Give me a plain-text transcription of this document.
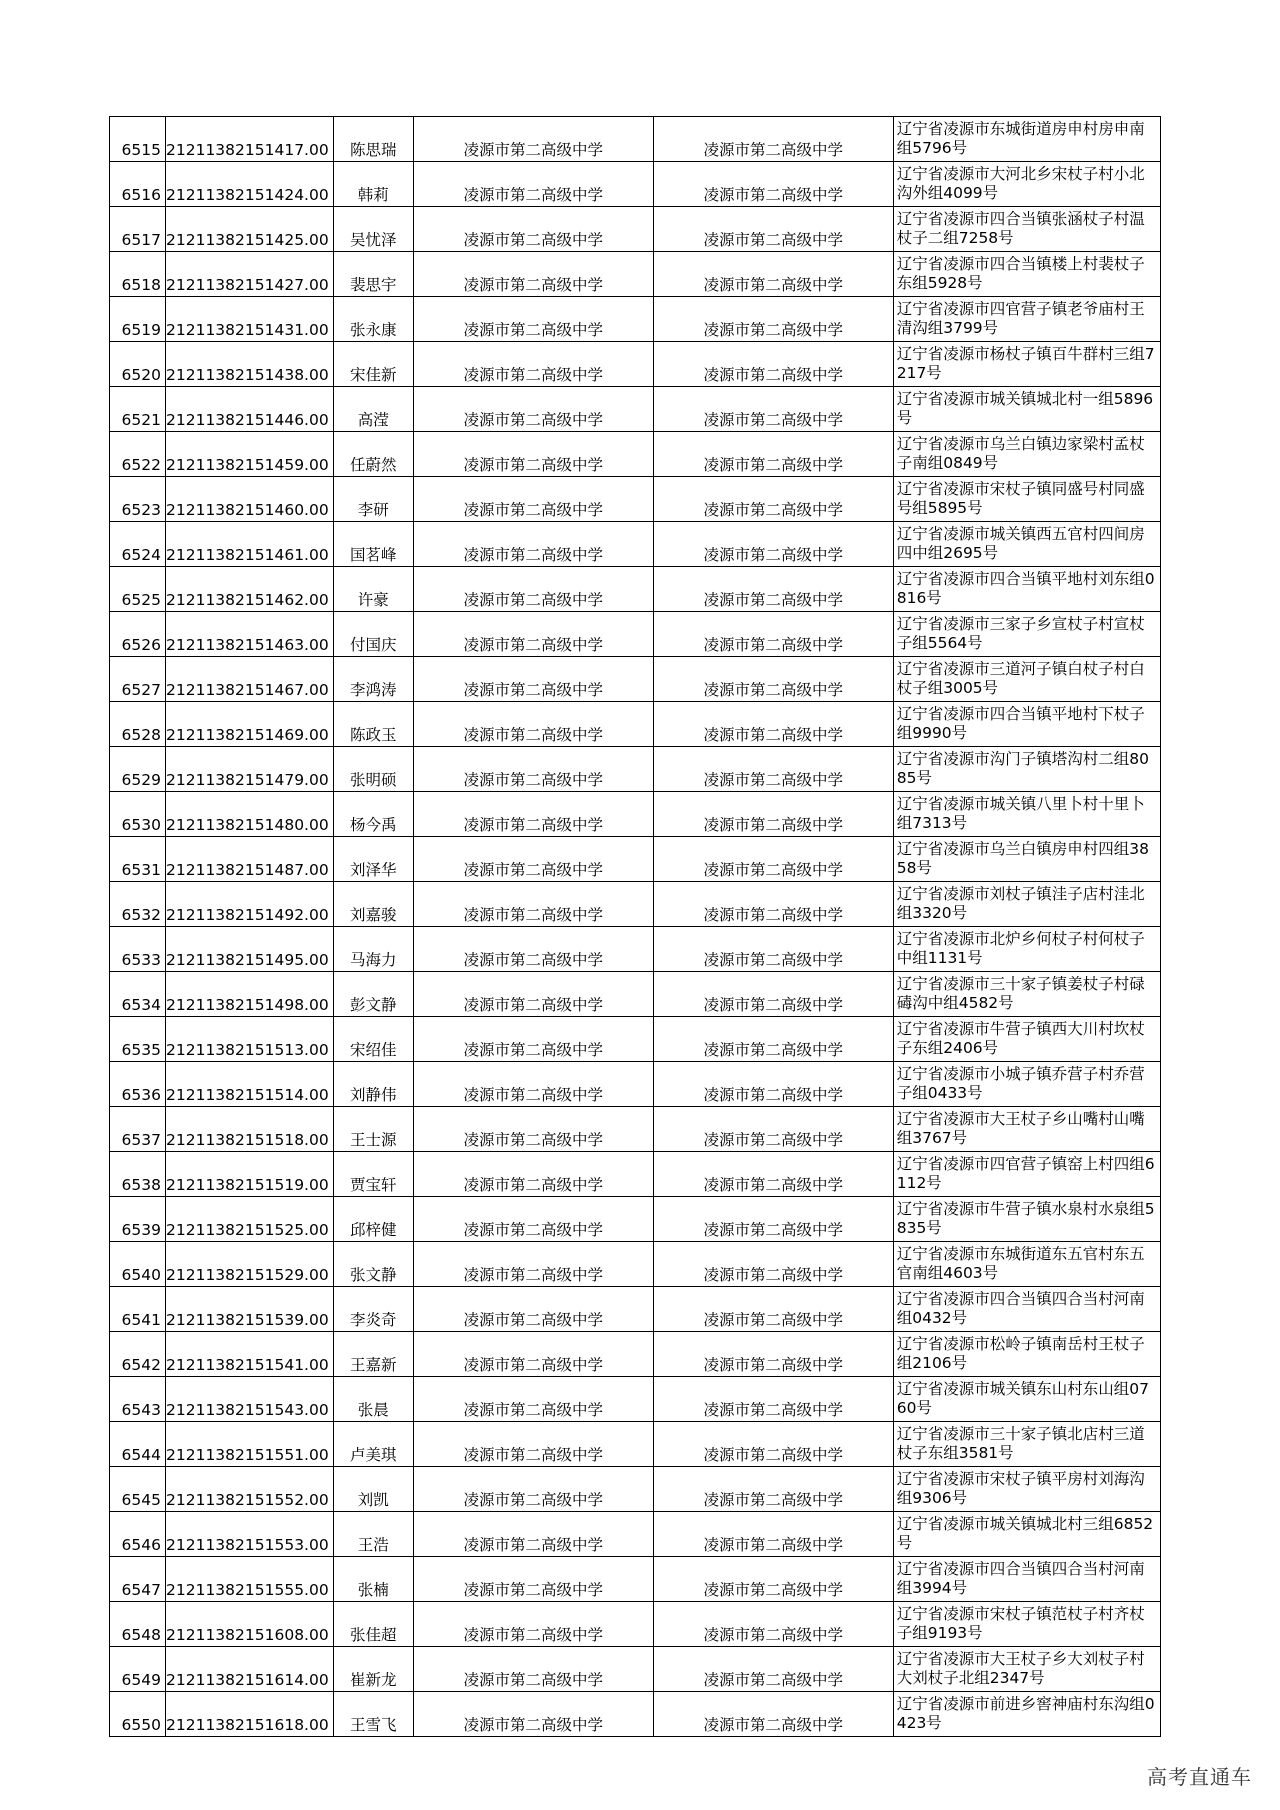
6515	21211382151417.00	陈思瑞	凌源市第二高级中学	凌源市第二高级中学	辽宁省凌源市东城街道房申村房申南组5796号
6516	21211382151424.00	韩莉	凌源市第二高级中学	凌源市第二高级中学	辽宁省凌源市大河北乡宋杖子村小北沟外组4099号
6517	21211382151425.00	吴忧泽	凌源市第二高级中学	凌源市第二高级中学	辽宁省凌源市四合当镇张涵杖子村温杖子二组7258号
6518	21211382151427.00	裴思宇	凌源市第二高级中学	凌源市第二高级中学	辽宁省凌源市四合当镇楼上村裴杖子东组5928号
6519	21211382151431.00	张永康	凌源市第二高级中学	凌源市第二高级中学	辽宁省凌源市四官营子镇老爷庙村王清沟组3799号
6520	21211382151438.00	宋佳新	凌源市第二高级中学	凌源市第二高级中学	辽宁省凌源市杨杖子镇百牛群村三组7217号
6521	21211382151446.00	高滢	凌源市第二高级中学	凌源市第二高级中学	辽宁省凌源市城关镇城北村一组5896号
6522	21211382151459.00	任蔚然	凌源市第二高级中学	凌源市第二高级中学	辽宁省凌源市乌兰白镇边家梁村孟杖子南组0849号
6523	21211382151460.00	李研	凌源市第二高级中学	凌源市第二高级中学	辽宁省凌源市宋杖子镇同盛号村同盛号组5895号
6524	21211382151461.00	国茗峰	凌源市第二高级中学	凌源市第二高级中学	辽宁省凌源市城关镇西五官村四间房四中组2695号
6525	21211382151462.00	许豪	凌源市第二高级中学	凌源市第二高级中学	辽宁省凌源市四合当镇平地村刘东组0816号
6526	21211382151463.00	付国庆	凌源市第二高级中学	凌源市第二高级中学	辽宁省凌源市三家子乡宣杖子村宣杖子组5564号
6527	21211382151467.00	李鸿涛	凌源市第二高级中学	凌源市第二高级中学	辽宁省凌源市三道河子镇白杖子村白杖子组3005号
6528	21211382151469.00	陈政玉	凌源市第二高级中学	凌源市第二高级中学	辽宁省凌源市四合当镇平地村下杖子组9990号
6529	21211382151479.00	张明硕	凌源市第二高级中学	凌源市第二高级中学	辽宁省凌源市沟门子镇塔沟村二组8085号
6530	21211382151480.00	杨今禹	凌源市第二高级中学	凌源市第二高级中学	辽宁省凌源市城关镇八里卜村十里卜组7313号
6531	21211382151487.00	刘泽华	凌源市第二高级中学	凌源市第二高级中学	辽宁省凌源市乌兰白镇房申村四组3858号
6532	21211382151492.00	刘嘉骏	凌源市第二高级中学	凌源市第二高级中学	辽宁省凌源市刘杖子镇洼子店村洼北组3320号
6533	21211382151495.00	马海力	凌源市第二高级中学	凌源市第二高级中学	辽宁省凌源市北炉乡何杖子村何杖子中组1131号
6534	21211382151498.00	彭文静	凌源市第二高级中学	凌源市第二高级中学	辽宁省凌源市三十家子镇姜杖子村碌碡沟中组4582号
6535	21211382151513.00	宋绍佳	凌源市第二高级中学	凌源市第二高级中学	辽宁省凌源市牛营子镇西大川村坎杖子东组2406号
6536	21211382151514.00	刘静伟	凌源市第二高级中学	凌源市第二高级中学	辽宁省凌源市小城子镇乔营子村乔营子组0433号
6537	21211382151518.00	王士源	凌源市第二高级中学	凌源市第二高级中学	辽宁省凌源市大王杖子乡山嘴村山嘴组3767号
6538	21211382151519.00	贾宝轩	凌源市第二高级中学	凌源市第二高级中学	辽宁省凌源市四官营子镇窑上村四组6112号
6539	21211382151525.00	邱梓健	凌源市第二高级中学	凌源市第二高级中学	辽宁省凌源市牛营子镇水泉村水泉组5835号
6540	21211382151529.00	张文静	凌源市第二高级中学	凌源市第二高级中学	辽宁省凌源市东城街道东五官村东五官南组4603号
6541	21211382151539.00	李炎奇	凌源市第二高级中学	凌源市第二高级中学	辽宁省凌源市四合当镇四合当村河南组0432号
6542	21211382151541.00	王嘉新	凌源市第二高级中学	凌源市第二高级中学	辽宁省凌源市松岭子镇南岳村王杖子组2106号
6543	21211382151543.00	张晨	凌源市第二高级中学	凌源市第二高级中学	辽宁省凌源市城关镇东山村东山组0760号
6544	21211382151551.00	卢美琪	凌源市第二高级中学	凌源市第二高级中学	辽宁省凌源市三十家子镇北店村三道杖子东组3581号
6545	21211382151552.00	刘凯	凌源市第二高级中学	凌源市第二高级中学	辽宁省凌源市宋杖子镇平房村刘海沟组9306号
6546	21211382151553.00	王浩	凌源市第二高级中学	凌源市第二高级中学	辽宁省凌源市城关镇城北村三组6852号
6547	21211382151555.00	张楠	凌源市第二高级中学	凌源市第二高级中学	辽宁省凌源市四合当镇四合当村河南组3994号
6548	21211382151608.00	张佳超	凌源市第二高级中学	凌源市第二高级中学	辽宁省凌源市宋杖子镇范杖子村齐杖子组9193号
6549	21211382151614.00	崔新龙	凌源市第二高级中学	凌源市第二高级中学	辽宁省凌源市大王杖子乡大刘杖子村大刘杖子北组2347号
6550	21211382151618.00	王雪飞	凌源市第二高级中学	凌源市第二高级中学	辽宁省凌源市前进乡窖神庙村东沟组0423号
高考直通车
